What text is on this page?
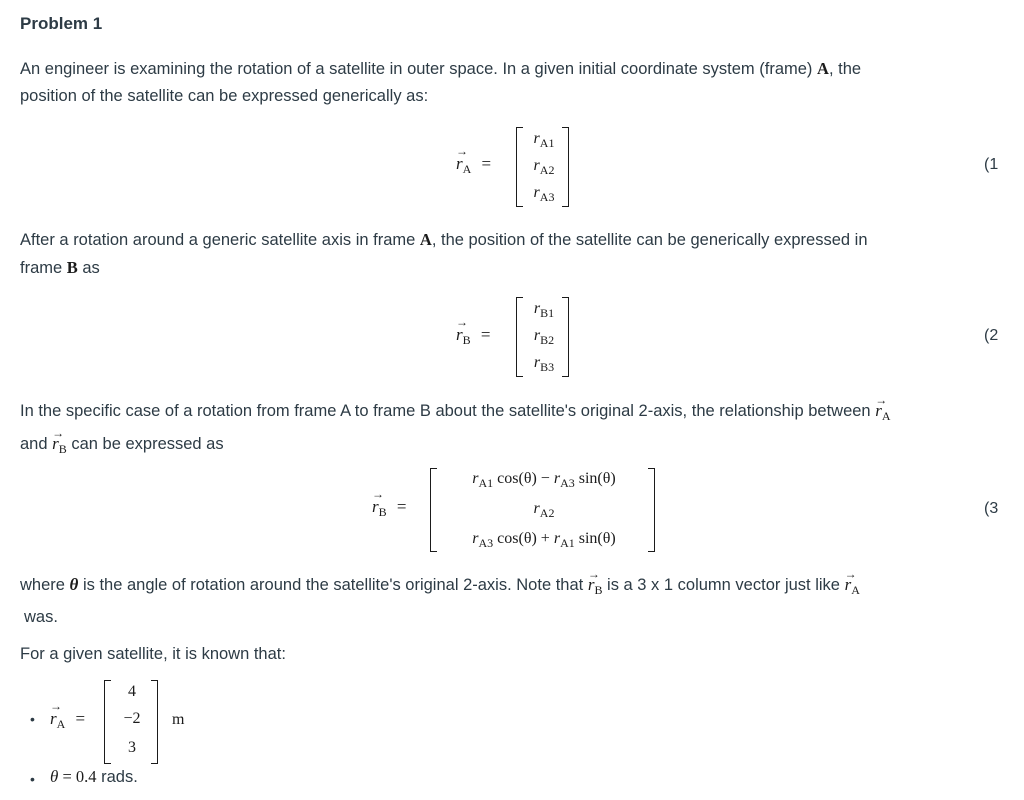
Problem 1
An engineer is examining the rotation of a satellite in outer space. In a given initial coordinate system (frame) A, the
position of the satellite can be expressed generically as:
→ $r_A$ =
$r_{A1}$
$r_{A2}$
$r_{A3}$
(1
After a rotation around a generic satellite axis in frame A, the position of the satellite can be generically expressed in
frame B as
→ $r_B$ =
$r_{B1}$
$r_{B2}$
$r_{B3}$
(2
In the specific case of a rotation from frame A to frame B about the satellite's original 2-axis, the relationship between → $r_A$
and → $r_B$ can be expressed as
→ $r_B$ =
$r_{A1}$ $\cos(\theta) - r_{A3}$ sin(θ)
$r_{A2}$
$r_{A3}$ $\cos(\theta) + r_{A1}$ sin(θ)
(3
where θ is the angle of rotation around the satellite's original 2-axis. Note that → $r_B$ is a 3 x 1 column vector just like → $r_A$
was.
For a given satellite, it is known that:
•
→ $r_A$ =
4
−2
3
m
• θ = 0.4 rads.
